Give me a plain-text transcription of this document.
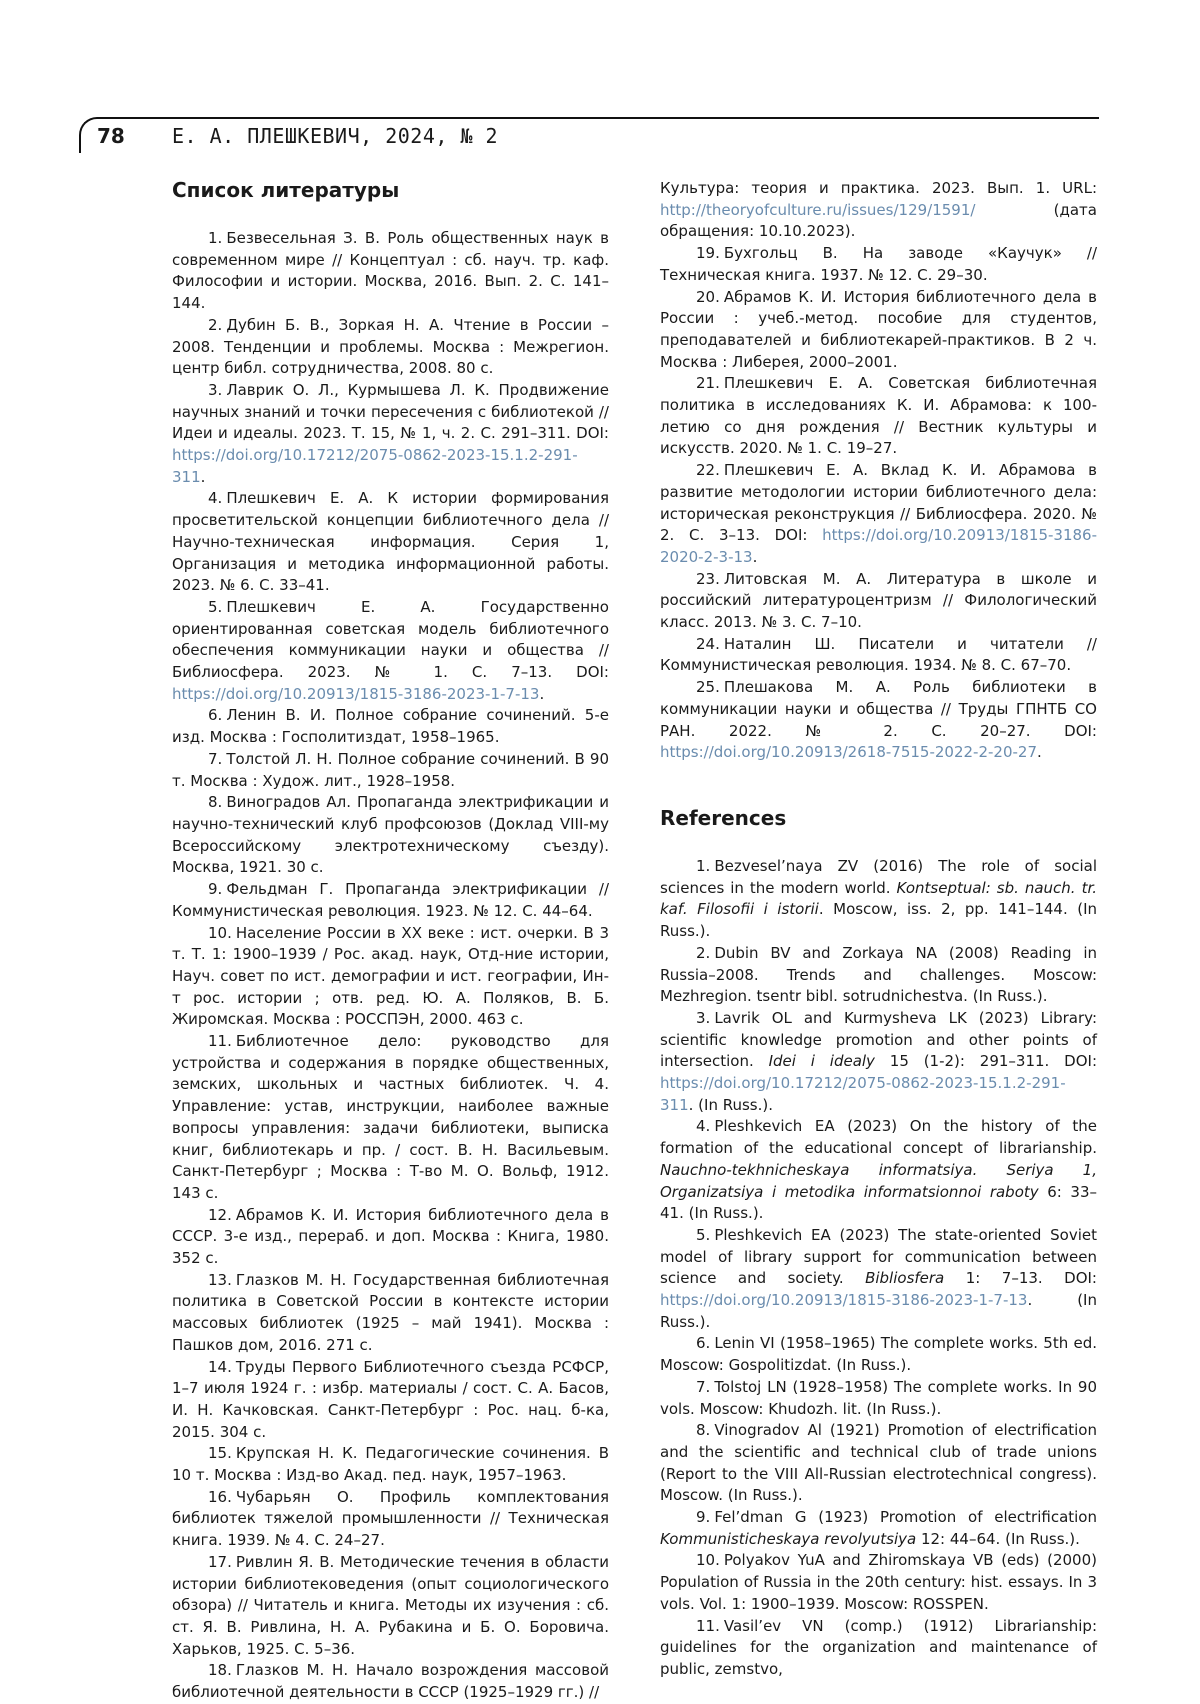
78 Е. А. ПЛЕШКЕВИЧ, 2024, № 2
Список литературы

1. Безвесельная З. В. Роль общественных наук в современном мире // Концептуал : сб. науч. тр. каф. Философии и истории. Москва, 2016. Вып. 2. С. 141–144.

2. Дубин Б. В., Зоркая Н. А. Чтение в России – 2008. Тенденции и проблемы. Москва : Межрегион. центр библ. сотрудничества, 2008. 80 с.

3. Лаврик О. Л., Курмышева Л. К. Продвижение научных знаний и точки пересечения с библиотекой // Идеи и идеалы. 2023. Т. 15, № 1, ч. 2. С. 291–311. DOI: https://doi.org/10.17212/2075-0862-2023-15.1.2-291-311.

4. Плешкевич Е. А. К истории формирования просветительской концепции библиотечного дела // Научно-техническая информация. Серия 1, Организация и методика информационной работы. 2023. № 6. С. 33–41.

5. Плешкевич Е. А. Государственно ориентированная советская модель библиотечного обеспечения коммуникации науки и общества // Библиосфера. 2023. № 1. С. 7–13. DOI: https://doi.org/10.20913/1815-3186-2023-1-7-13.

6. Ленин В. И. Полное собрание сочинений. 5-е изд. Москва : Госполитиздат, 1958–1965.

7. Толстой Л. Н. Полное собрание сочинений. В 90 т. Москва : Худож. лит., 1928–1958.

8. Виноградов Ал. Пропаганда электрификации и научно-технический клуб профсоюзов (Доклад VIII-му Всероссийскому электротехническому съезду). Москва, 1921. 30 с.

9. Фельдман Г. Пропаганда электрификации // Коммунистическая революция. 1923. № 12. С. 44–64.

10. Население России в XX веке : ист. очерки. В 3 т. Т. 1: 1900–1939 / Рос. акад. наук, Отд-ние истории, Науч. совет по ист. демографии и ист. географии, Ин-т рос. истории ; отв. ред. Ю. А. Поляков, В. Б. Жиромская. Москва : РОССПЭН, 2000. 463 с.

11. Библиотечное дело: руководство для устройства и содержания в порядке общественных, земских, школьных и частных библиотек. Ч. 4. Управление: устав, инструкции, наиболее важные вопросы управления: задачи библиотеки, выписка книг, библиотекарь и пр. / сост. В. Н. Васильевым. Санкт-Петербург ; Москва : Т-во М. О. Вольф, 1912. 143 с.

12. Абрамов К. И. История библиотечного дела в СССР. 3-е изд., перераб. и доп. Москва : Книга, 1980. 352 с.

13. Глазков М. Н. Государственная библиотечная политика в Советской России в контексте истории массовых библиотек (1925 – май 1941). Москва : Пашков дом, 2016. 271 с.

14. Труды Первого Библиотечного съезда РСФСР, 1–7 июля 1924 г. : избр. материалы / сост. С. А. Басов, И. Н. Качковская. Санкт-Петербург : Рос. нац. б-ка, 2015. 304 с.

15. Крупская Н. К. Педагогические сочинения. В 10 т. Москва : Изд-во Акад. пед. наук, 1957–1963.

16. Чубарьян О. Профиль комплектования библиотек тяжелой промышленности // Техническая книга. 1939. № 4. С. 24–27.

17. Ривлин Я. В. Методические течения в области истории библиотековедения (опыт социологического обзора) // Читатель и книга. Методы их изучения : сб. ст. Я. В. Ривлина, Н. А. Рубакина и Б. О. Боровича. Харьков, 1925. С. 5–36.

18. Глазков М. Н. Начало возрождения массовой библиотечной деятельности в СССР (1925–1929 гг.) //

Культура: теория и практика. 2023. Вып. 1. URL: http://theoryofculture.ru/issues/129/1591/ (дата обращения: 10.10.2023).

19. Бухгольц В. На заводе «Каучук» // Техническая книга. 1937. № 12. С. 29–30.

20. Абрамов К. И. История библиотечного дела в России : учеб.-метод. пособие для студентов, преподавателей и библиотекарей-практиков. В 2 ч. Москва : Либерея, 2000–2001.

21. Плешкевич Е. А. Советская библиотечная политика в исследованиях К. И. Абрамова: к 100-летию со дня рождения // Вестник культуры и искусств. 2020. № 1. С. 19–27.

22. Плешкевич Е. А. Вклад К. И. Абрамова в развитие методологии истории библиотечного дела: историческая реконструкция // Библиосфера. 2020. № 2. С. 3–13. DOI: https://doi.org/10.20913/1815-3186-2020-2-3-13.

23. Литовская М. А. Литература в школе и российский литературоцентризм // Филологический класс. 2013. № 3. С. 7–10.

24. Наталин Ш. Писатели и читатели // Коммунистическая революция. 1934. № 8. С. 67–70.

25. Плешакова М. А. Роль библиотеки в коммуникации науки и общества // Труды ГПНТБ СО РАН. 2022. № 2. С. 20–27. DOI: https://doi.org/10.20913/2618-7515-2022-2-20-27.

References

1. Bezvesel’naya ZV (2016) The role of social sciences in the modern world. Kontseptual: sb. nauch. tr. kaf. Filosofii i istorii. Moscow, iss. 2, pp. 141–144. (In Russ.).

2. Dubin BV and Zorkaya NA (2008) Reading in Russia–2008. Trends and challenges. Moscow: Mezhregion. tsentr bibl. sotrudnichestva. (In Russ.).

3. Lavrik OL and Kurmysheva LK (2023) Library: scientific knowledge promotion and other points of intersection. Idei i idealy 15 (1-2): 291–311. DOI: https://doi.org/10.17212/2075-0862-2023-15.1.2-291-311. (In Russ.).

4. Pleshkevich EA (2023) On the history of the formation of the educational concept of librarianship. Nauchno-tekhnicheskaya informatsiya. Seriya 1, Organizatsiya i metodika informatsionnoi raboty 6: 33–41. (In Russ.).

5. Pleshkevich EA (2023) The state-oriented Soviet model of library support for communication between science and society. Bibliosfera 1: 7–13. DOI: https://doi.org/10.20913/1815-3186-2023-1-7-13. (In Russ.).

6. Lenin VI (1958–1965) The complete works. 5th ed. Moscow: Gospolitizdat. (In Russ.).

7. Tolstoj LN (1928–1958) The complete works. In 90 vols. Moscow: Khudozh. lit. (In Russ.).

8. Vinogradov Al (1921) Promotion of electrification and the scientific and technical club of trade unions (Report to the VIII All-Russian electrotechnical congress). Moscow. (In Russ.).

9. Fel’dman G (1923) Promotion of electrification Kommunisticheskaya revolyutsiya 12: 44–64. (In Russ.).

10. Polyakov YuA and Zhiromskaya VB (eds) (2000) Population of Russia in the 20th century: hist. essays. In 3 vols. Vol. 1: 1900–1939. Moscow: ROSSPEN.

11. Vasil’ev VN (comp.) (1912) Librarianship: guidelines for the organization and maintenance of public, zemstvo,
